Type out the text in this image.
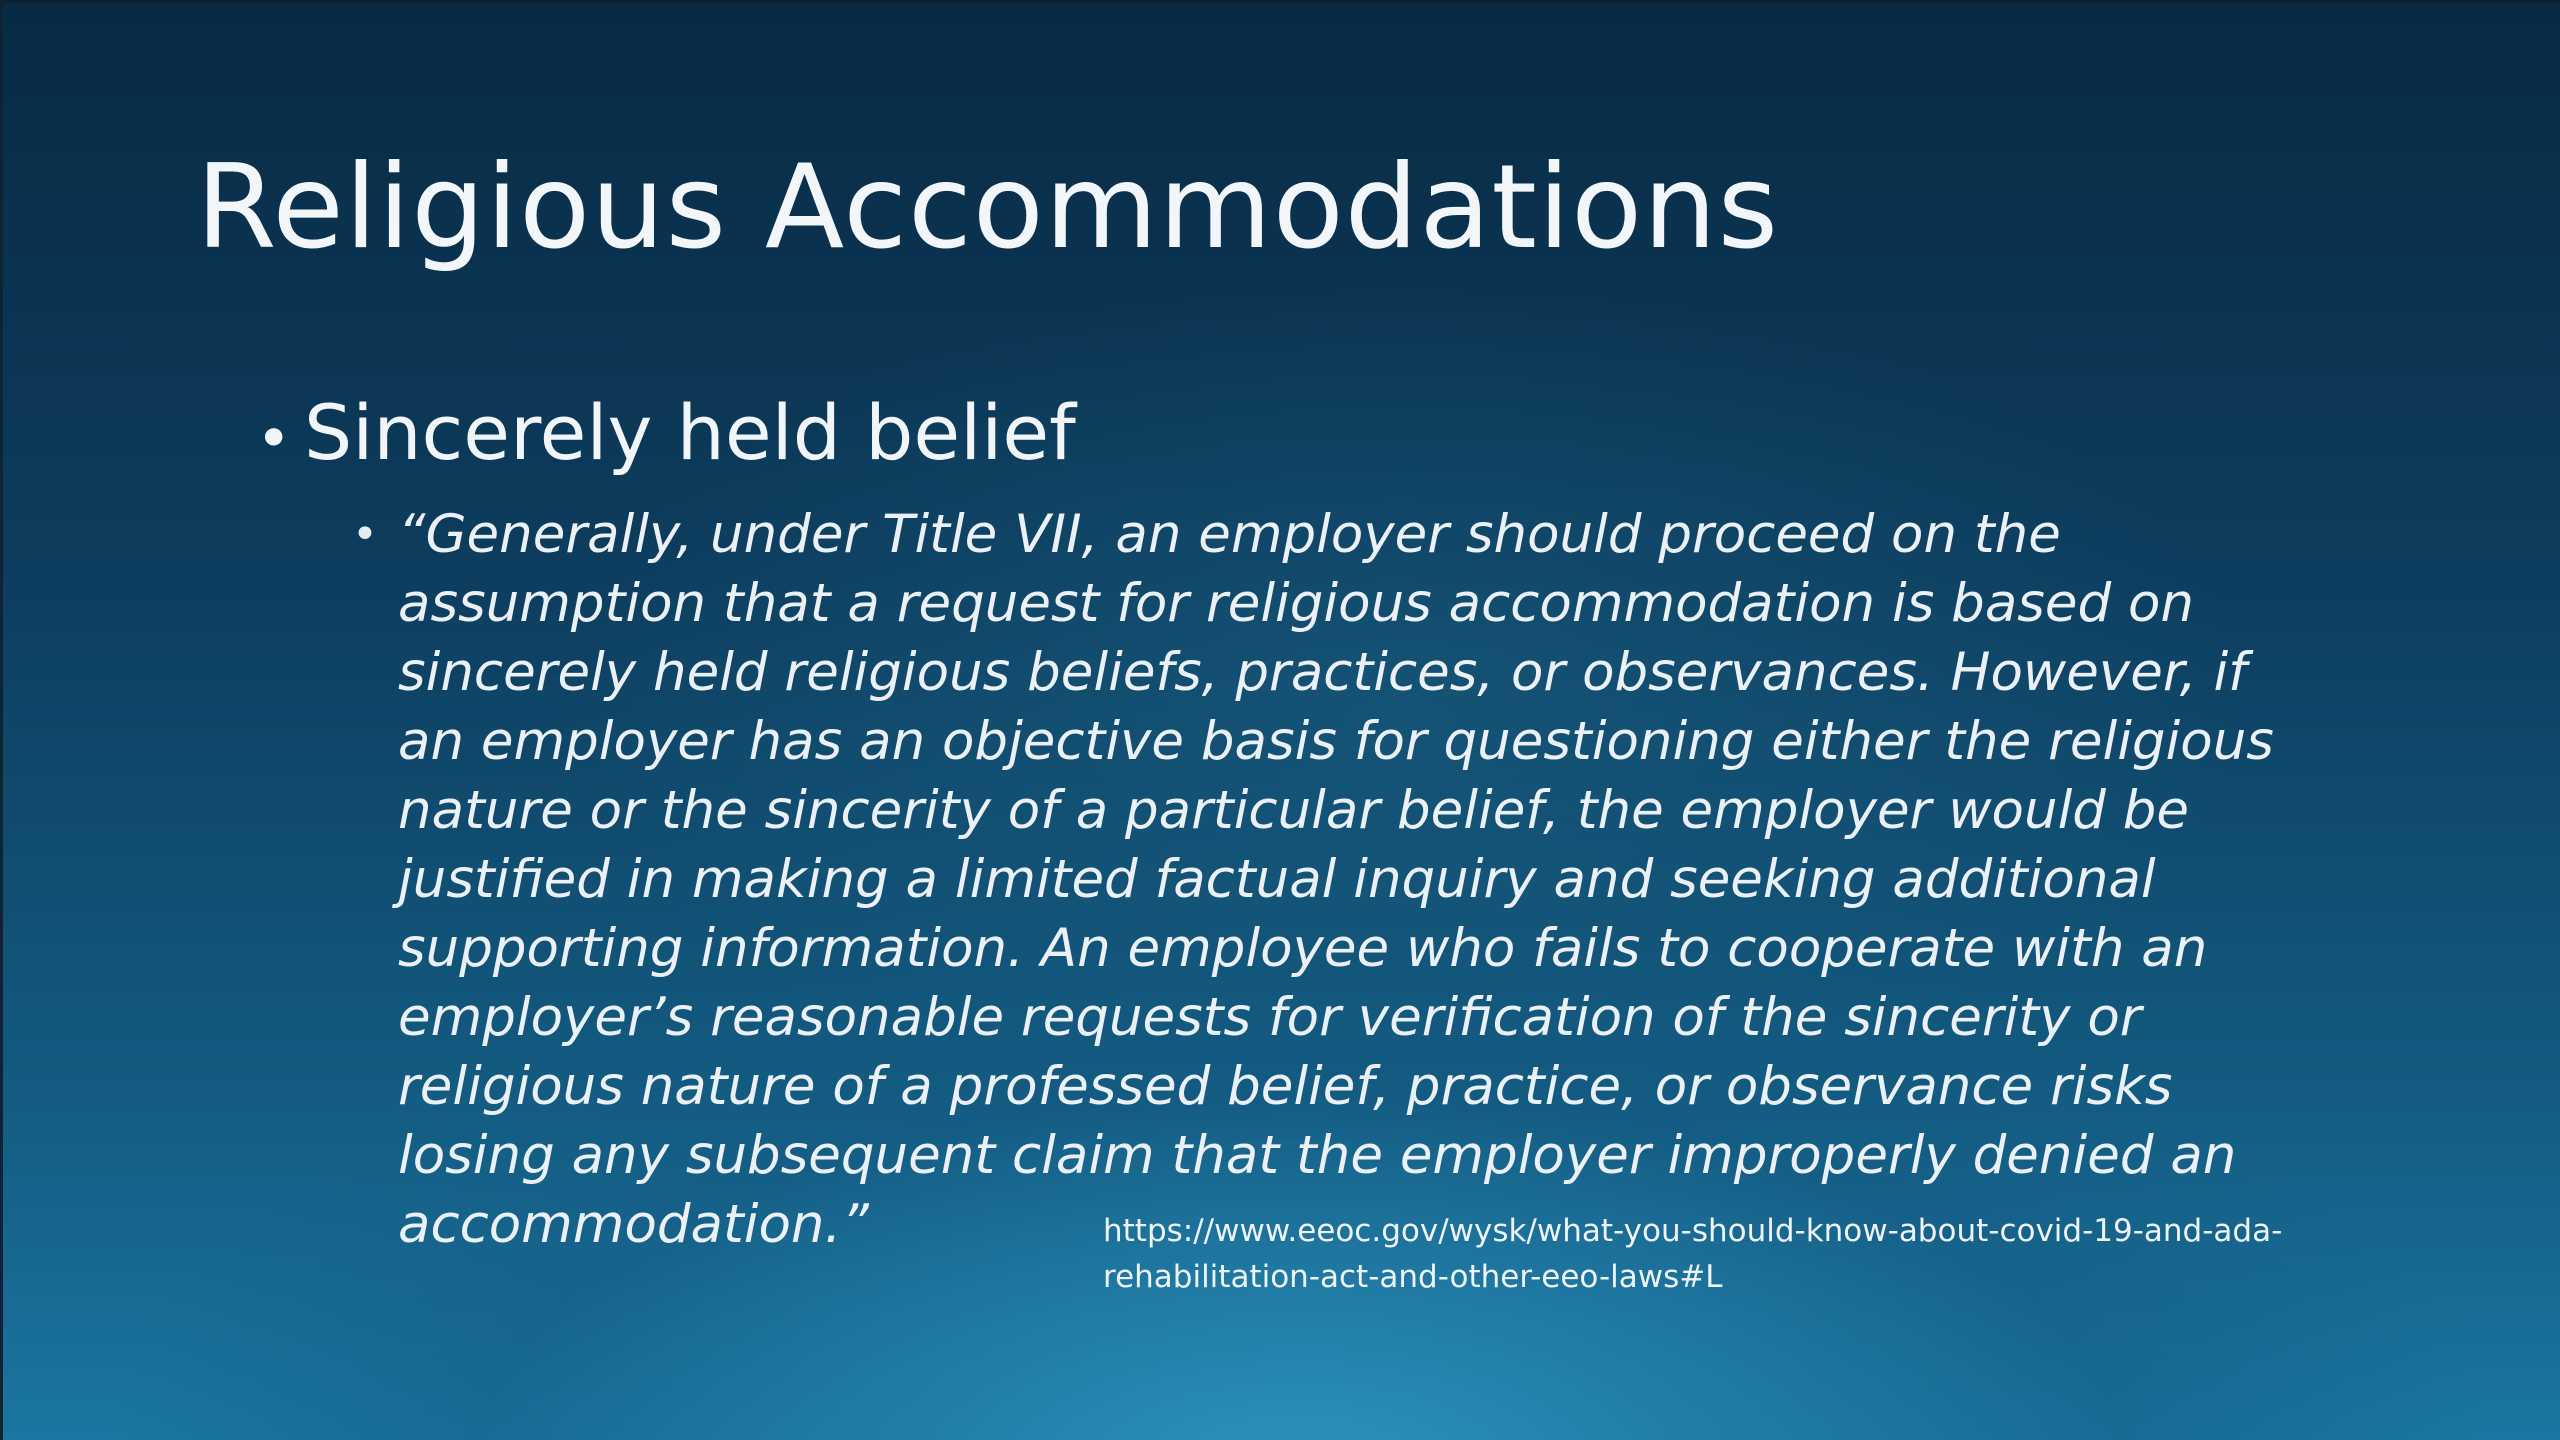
Religious Accommodations
• Sincerely held belief
• “Generally, under Title VII, an employer should proceed on the assumption that a request for religious accommodation is based on sincerely held religious beliefs, practices, or observances. However, if an employer has an objective basis for questioning either the religious nature or the sincerity of a particular belief, the employer would be justified in making a limited factual inquiry and seeking additional supporting information. An employee who fails to cooperate with an employer’s reasonable requests for verification of the sincerity or religious nature of a professed belief, practice, or observance risks losing any subsequent claim that the employer improperly denied an accommodation.”	https://www.eeoc.gov/wysk/what-you-should-know-about-covid-19-and-ada-rehabilitation-act-and-other-eeo-laws#L
